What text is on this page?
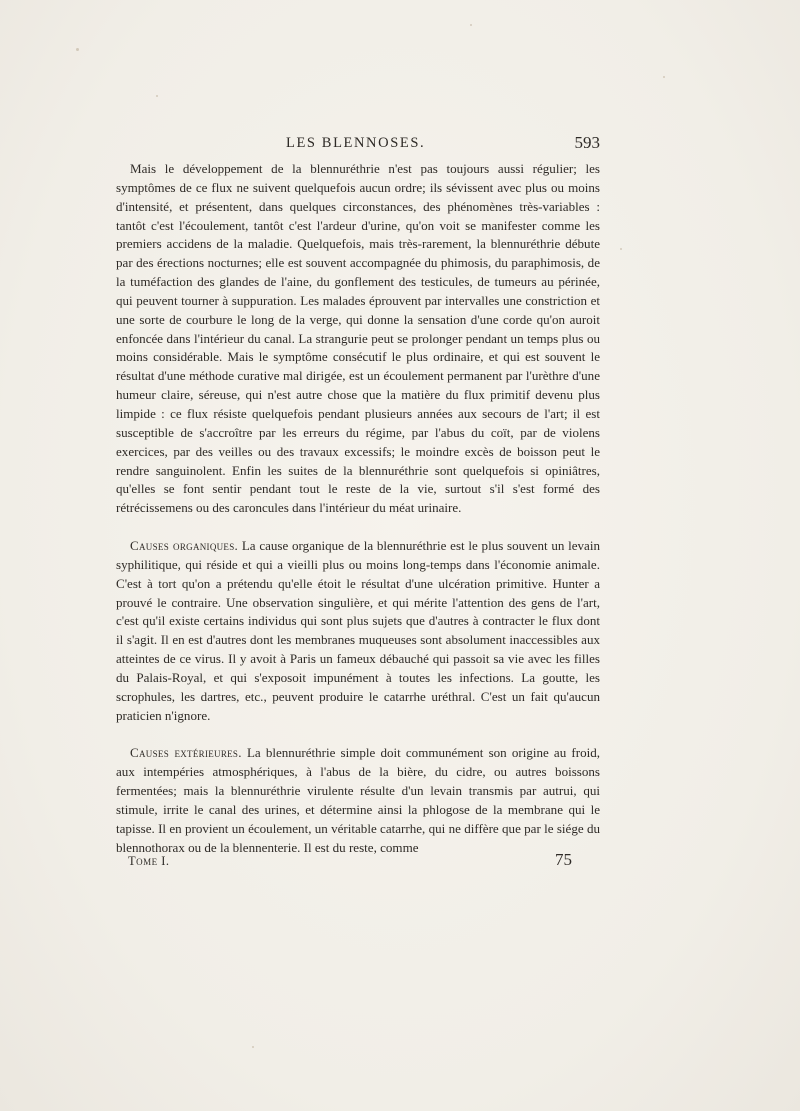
LES BLENNOSES.	593

Mais le développement de la blennuréthrie n'est pas toujours aussi régulier; les symptômes de ce flux ne suivent quelquefois aucun ordre; ils sévissent avec plus ou moins d'intensité, et présentent, dans quelques circonstances, des phénomènes très-variables : tantôt c'est l'écoulement, tantôt c'est l'ardeur d'urine, qu'on voit se manifester comme les premiers accidens de la maladie. Quelquefois, mais très-rarement, la blennuréthrie débute par des érections nocturnes; elle est souvent accompagnée du phimosis, du paraphimosis, de la tuméfaction des glandes de l'aine, du gonflement des testicules, de tumeurs au périnée, qui peuvent tourner à suppuration. Les malades éprouvent par intervalles une constriction et une sorte de courbure le long de la verge, qui donne la sensation d'une corde qu'on auroit enfoncée dans l'intérieur du canal. La strangurie peut se prolonger pendant un temps plus ou moins considérable. Mais le symptôme consécutif le plus ordinaire, et qui est souvent le résultat d'une méthode curative mal dirigée, est un écoulement permanent par l'urèthre d'une humeur claire, séreuse, qui n'est autre chose que la matière du flux primitif devenu plus limpide : ce flux résiste quelquefois pendant plusieurs années aux secours de l'art; il est susceptible de s'accroître par les erreurs du régime, par l'abus du coït, par de violens exercices, par des veilles ou des travaux excessifs; le moindre excès de boisson peut le rendre sanguinolent. Enfin les suites de la blennuréthrie sont quelquefois si opiniâtres, qu'elles se font sentir pendant tout le reste de la vie, surtout s'il s'est formé des rétrécissemens ou des caroncules dans l'intérieur du méat urinaire.

Causes organiques. La cause organique de la blennuréthrie est le plus souvent un levain syphilitique, qui réside et qui a vieilli plus ou moins long-temps dans l'économie animale. C'est à tort qu'on a prétendu qu'elle étoit le résultat d'une ulcération primitive. Hunter a prouvé le contraire. Une observation singulière, et qui mérite l'attention des gens de l'art, c'est qu'il existe certains individus qui sont plus sujets que d'autres à contracter le flux dont il s'agit. Il en est d'autres dont les membranes muqueuses sont absolument inaccessibles aux atteintes de ce virus. Il y avoit à Paris un fameux débauché qui passoit sa vie avec les filles du Palais-Royal, et qui s'exposoit impunément à toutes les infections. La goutte, les scrophules, les dartres, etc., peuvent produire le catarrhe uréthral. C'est un fait qu'aucun praticien n'ignore.

Causes extérieures. La blennuréthrie simple doit communément son origine au froid, aux intempéries atmosphériques, à l'abus de la bière, du cidre, ou autres boissons fermentées; mais la blennuréthrie virulente résulte d'un levain transmis par autrui, qui stimule, irrite le canal des urines, et détermine ainsi la phlogose de la membrane qui le tapisse. Il en provient un écoulement, un véritable catarrhe, qui ne diffère que par le siége du blennothorax ou de la blennenterie. Il est du reste, comme

Tome I.	75
